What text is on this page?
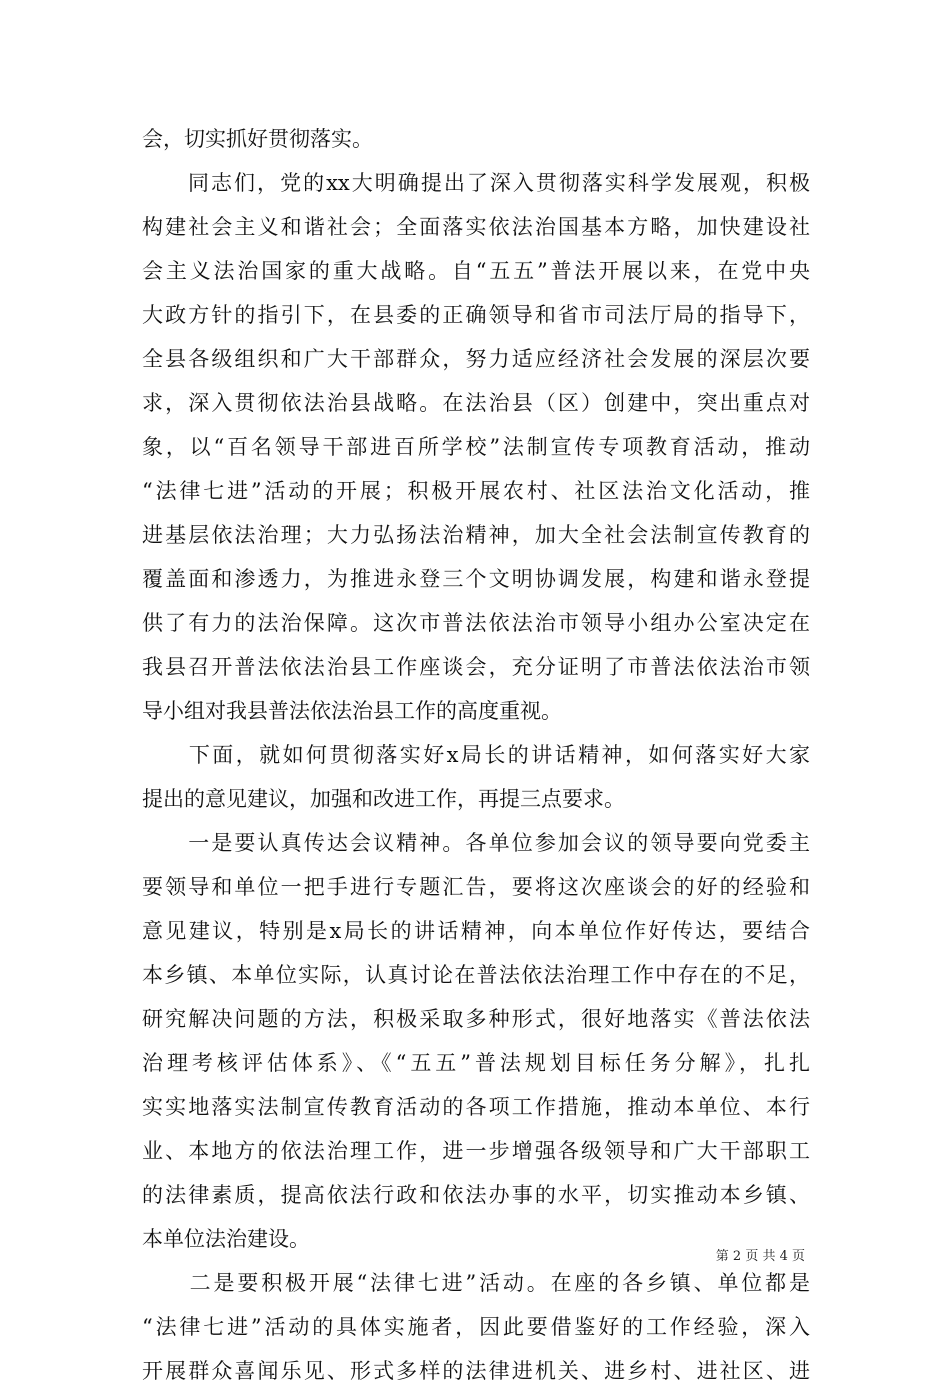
会，切实抓好贯彻落实。
　　同志们，党的xx大明确提出了深入贯彻落实科学发展观，积极
构建社会主义和谐社会；全面落实依法治国基本方略，加快建设社
会主义法治国家的重大战略。自“五五”普法开展以来，在党中央
大政方针的指引下，在县委的正确领导和省市司法厅局的指导下，
全县各级组织和广大干部群众，努力适应经济社会发展的深层次要
求，深入贯彻依法治县战略。在法治县（区）创建中，突出重点对
象，以“百名领导干部进百所学校”法制宣传专项教育活动，推动
“法律七进”活动的开展；积极开展农村、社区法治文化活动，推
进基层依法治理；大力弘扬法治精神，加大全社会法制宣传教育的
覆盖面和渗透力，为推进永登三个文明协调发展，构建和谐永登提
供了有力的法治保障。这次市普法依法治市领导小组办公室决定在
我县召开普法依法治县工作座谈会，充分证明了市普法依法治市领
导小组对我县普法依法治县工作的高度重视。
　　下面，就如何贯彻落实好x局长的讲话精神，如何落实好大家
提出的意见建议，加强和改进工作，再提三点要求。
　　一是要认真传达会议精神。各单位参加会议的领导要向党委主
要领导和单位一把手进行专题汇告，要将这次座谈会的好的经验和
意见建议，特别是x局长的讲话精神，向本单位作好传达，要结合
本乡镇、本单位实际，认真讨论在普法依法治理工作中存在的不足，
研究解决问题的方法，积极采取多种形式，很好地落实《普法依法
治理考核评估体系》、《“五五”普法规划目标任务分解》，扎扎
实实地落实法制宣传教育活动的各项工作措施，推动本单位、本行
业、本地方的依法治理工作，进一步增强各级领导和广大干部职工
的法律素质，提高依法行政和依法办事的水平，切实推动本乡镇、
本单位法治建设。
　　二是要积极开展“法律七进”活动。在座的各乡镇、单位都是
“法律七进”活动的具体实施者，因此要借鉴好的工作经验，深入
开展群众喜闻乐见、形式多样的法律进机关、进乡村、进社区、进
第 2 页 共 4 页
